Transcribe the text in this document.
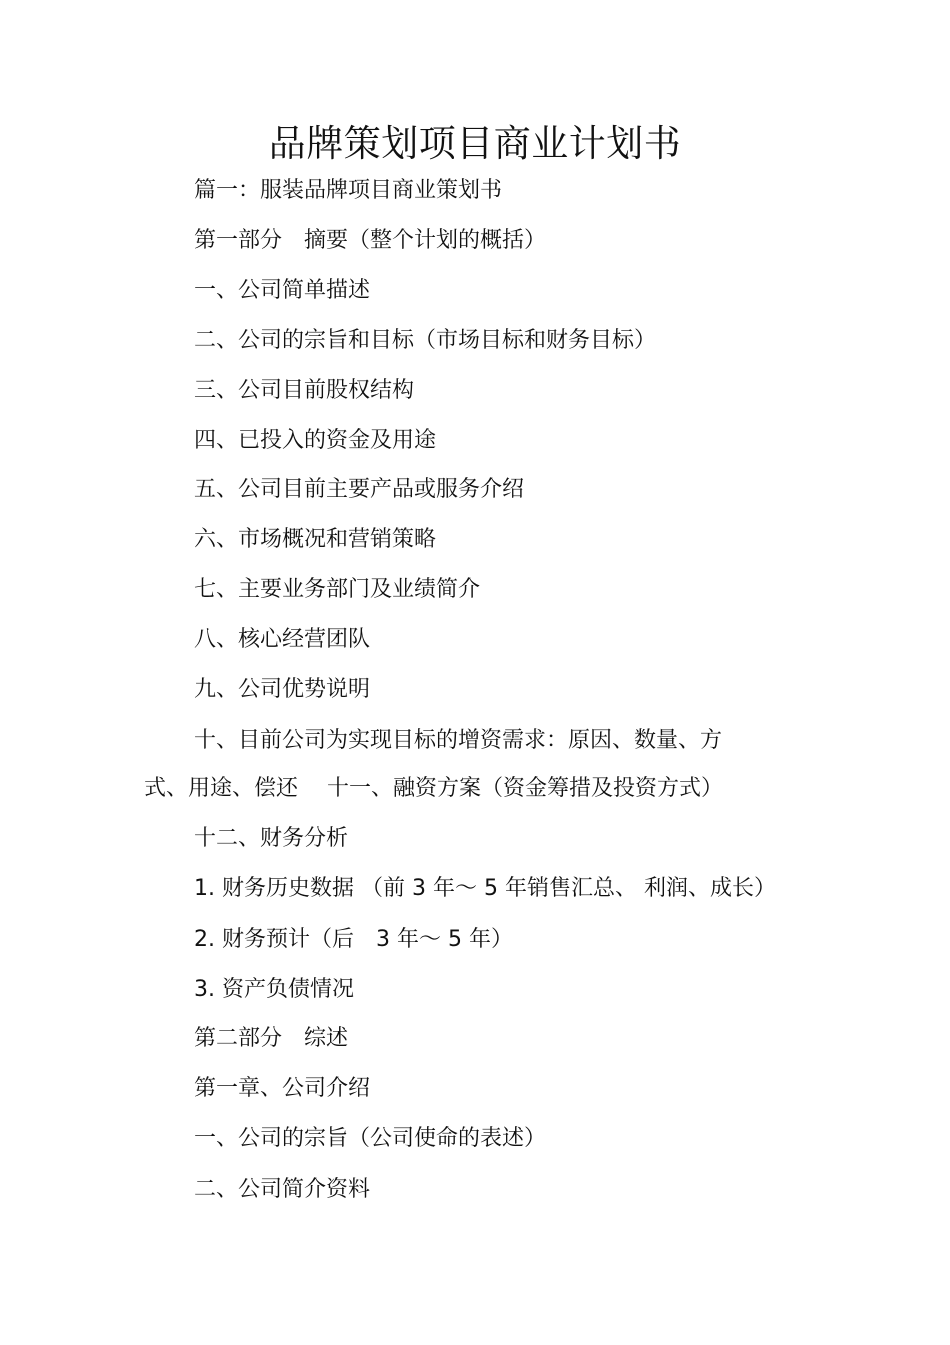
品牌策划项目商业计划书
篇一：服装品牌项目商业策划书
第一部分　摘要（整个计划的概括）
一、公司简单描述
二、公司的宗旨和目标（市场目标和财务目标）
三、公司目前股权结构
四、已投入的资金及用途
五、公司目前主要产品或服务介绍
六、市场概况和营销策略
七、主要业务部门及业绩简介
八、核心经营团队
九、公司优势说明
十、目前公司为实现目标的增资需求：原因、数量、方
式、用途、偿还　 十一、融资方案（资金筹措及投资方式）
十二、财务分析
1. 财务历史数据 （前 3 年～ 5 年销售汇总、 利润、成长）
2. 财务预计（后　3 年～ 5 年）
3. 资产负债情况
第二部分　综述
第一章、公司介绍
一、公司的宗旨（公司使命的表述）
二、公司简介资料
